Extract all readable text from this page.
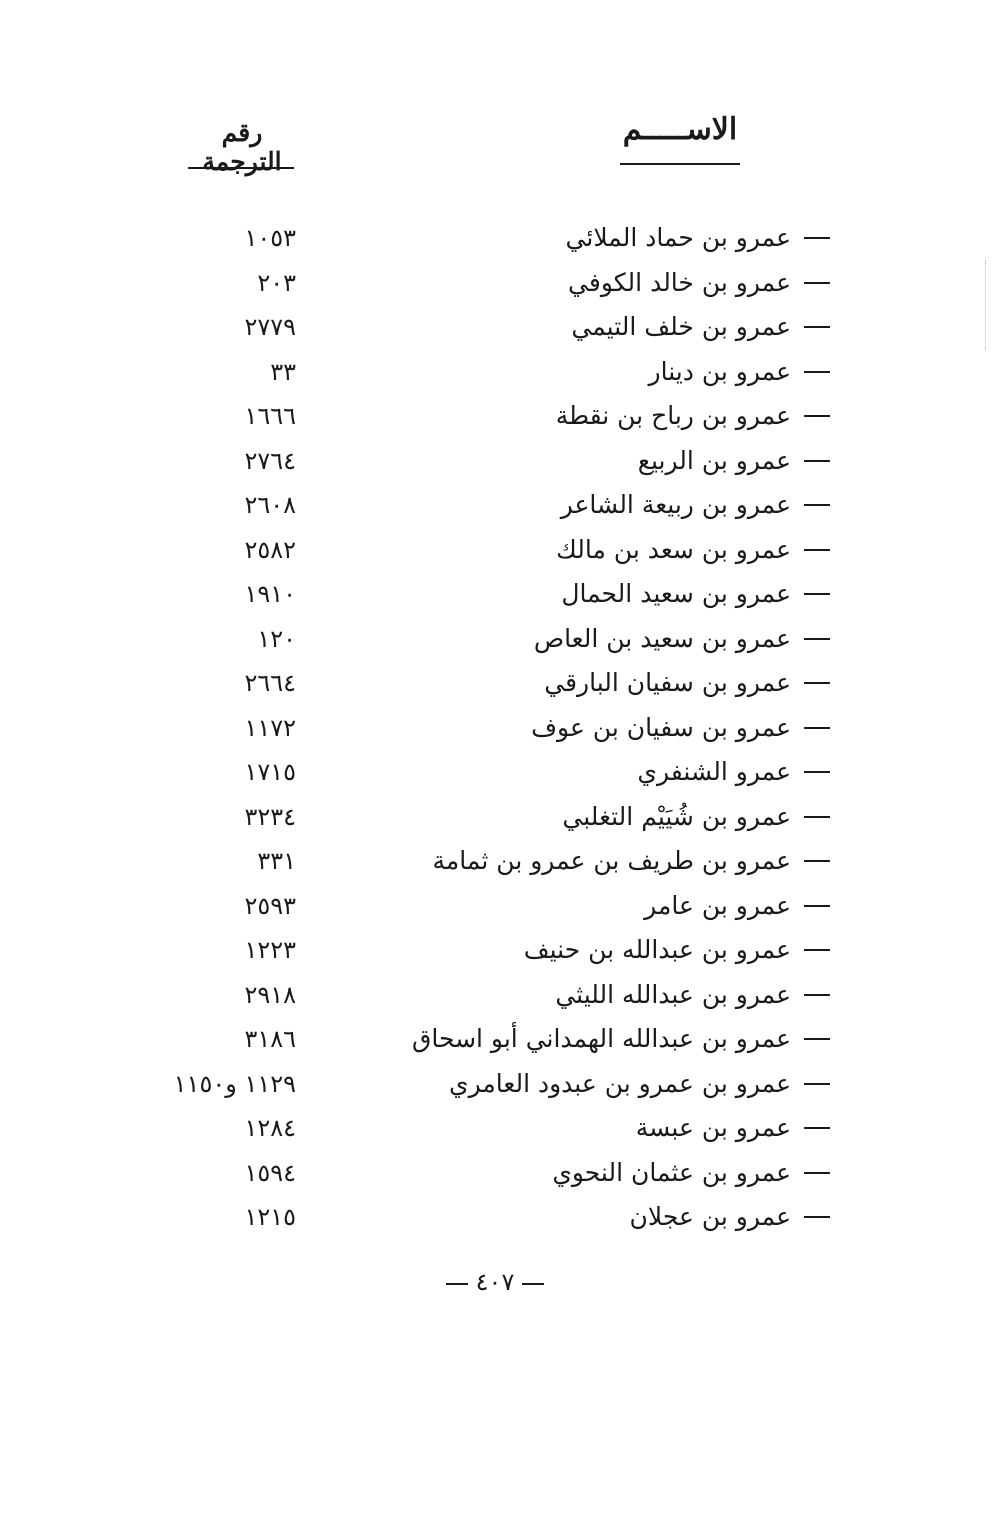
الاســـــم
رقم الترجمة
عمرو بن حماد الملائي
١٠٥٣
عمرو بن خالد الكوفي
٢٠٣
عمرو بن خلف التيمي
٢٧٧٩
عمرو بن دينار
٣٣
عمرو بن رباح بن نقطة
١٦٦٦
عمرو بن الربيع
٢٧٦٤
عمرو بن ربيعة الشاعر
٢٦٠٨
عمرو بن سعد بن مالك
٢٥٨٢
عمرو بن سعيد الحمال
١٩١٠
عمرو بن سعيد بن العاص
١٢٠
عمرو بن سفيان البارقي
٢٦٦٤
عمرو بن سفيان بن عوف
١١٧٢
عمرو الشنفري
١٧١٥
عمرو بن شُيَيْم التغلبي
٣٢٣٤
عمرو بن طريف بن عمرو بن ثمامة
٣٣١
عمرو بن عامر
٢٥٩٣
عمرو بن عبدالله بن حنيف
١٢٢٣
عمرو بن عبدالله الليثي
٢٩١٨
عمرو بن عبدالله الهمداني أبو اسحاق
٣١٨٦
عمرو بن عمرو بن عبدود العامري
١١٢٩ و١١٥٠
عمرو بن عبسة
١٢٨٤
عمرو بن عثمان النحوي
١٥٩٤
عمرو بن عجلان
١٢١٥
٤٠٧
